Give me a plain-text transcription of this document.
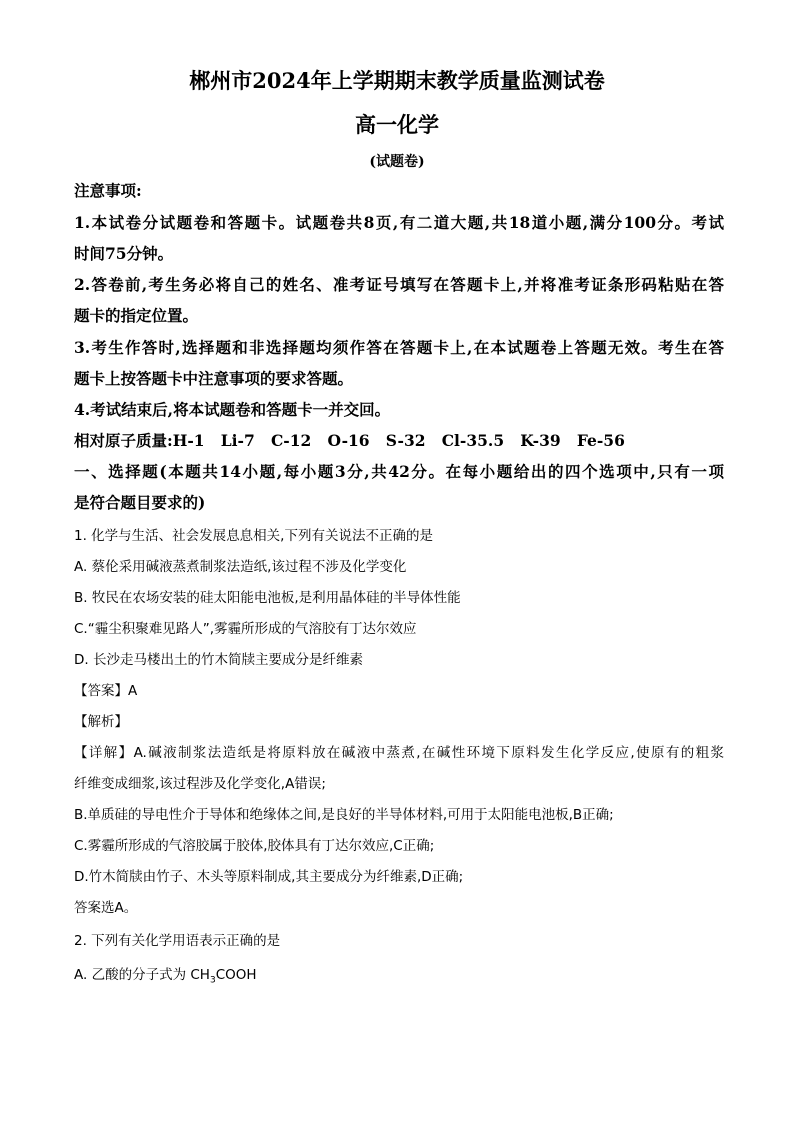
郴州市2024年上学期期末教学质量监测试卷
高一化学
(试题卷)
注意事项:
1.本试卷分试题卷和答题卡。试题卷共8页,有二道大题,共18道小题,满分100分。考试
时间75分钟。
2.答卷前,考生务必将自己的姓名、准考证号填写在答题卡上,并将准考证条形码粘贴在答
题卡的指定位置。
3.考生作答时,选择题和非选择题均须作答在答题卡上,在本试题卷上答题无效。考生在答
题卡上按答题卡中注意事项的要求答题。
4.考试结束后,将本试题卷和答题卡一并交回。
相对原子质量:H-1   Li-7   C-12   O-16   S-32   Cl-35.5   K-39   Fe-56
一、选择题(本题共14小题,每小题3分,共42分。在每小题给出的四个选项中,只有一项
是符合题目要求的)
1. 化学与生活、社会发展息息相关,下列有关说法不正确的是
A. 蔡伦采用碱液蒸煮制浆法造纸,该过程不涉及化学变化
B. 牧民在农场安装的硅太阳能电池板,是利用晶体硅的半导体性能
C.“霾尘积聚难见路人”,雾霾所形成的气溶胶有丁达尔效应
D. 长沙走马楼出土的竹木简牍主要成分是纤维素
【答案】A
【解析】
【详解】A.碱液制浆法造纸是将原料放在碱液中蒸煮,在碱性环境下原料发生化学反应,使原有的粗浆
纤维变成细浆,该过程涉及化学变化,A错误;
B.单质硅的导电性介于导体和绝缘体之间,是良好的半导体材料,可用于太阳能电池板,B正确;
C.雾霾所形成的气溶胶属于胶体,胶体具有丁达尔效应,C正确;
D.竹木简牍由竹子、木头等原料制成,其主要成分为纤维素,D正确;
答案选A。
2. 下列有关化学用语表示正确的是
A. 乙酸的分子式为 $CH_3COOH$
